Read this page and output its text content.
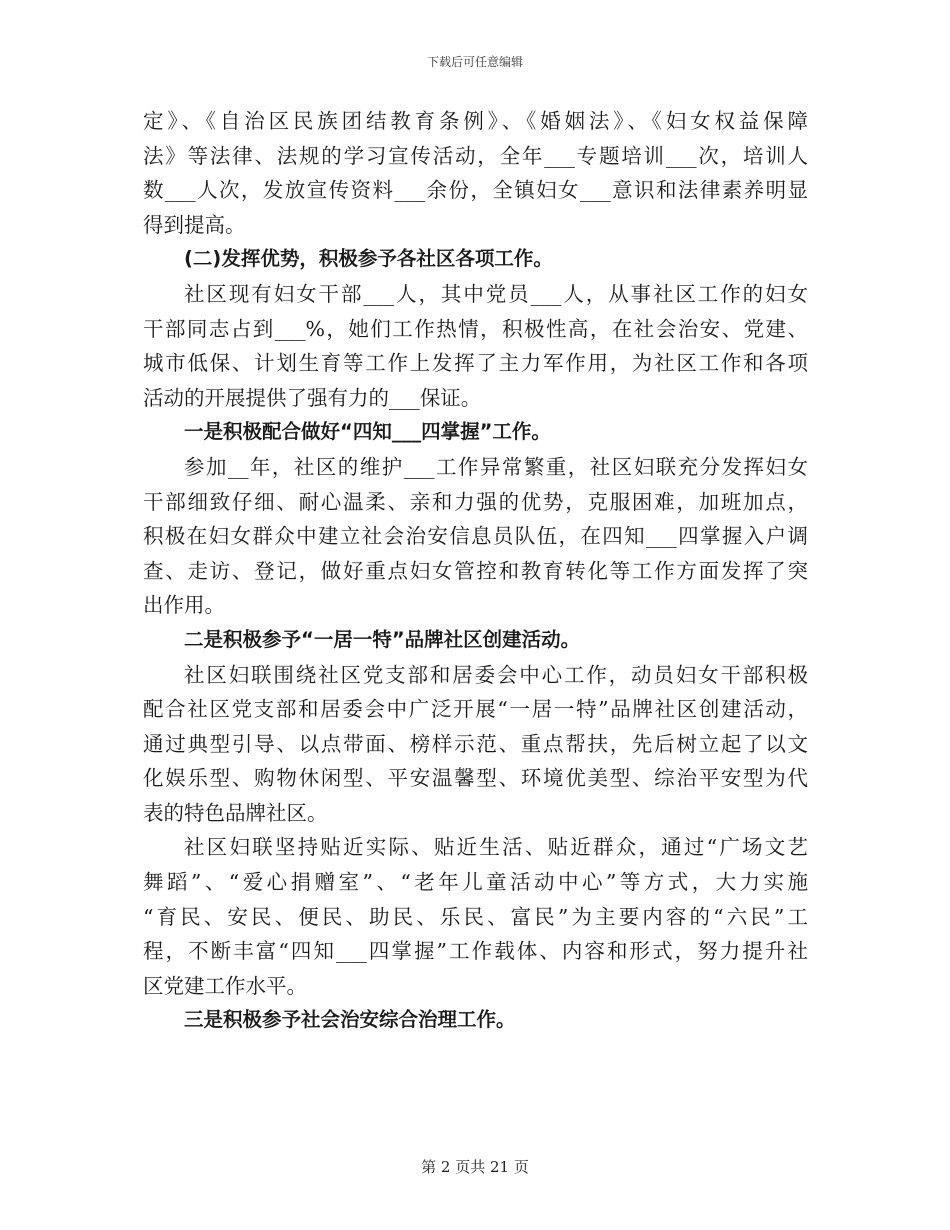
下载后可任意编辑
定》、《自治区民族团结教育条例》、《婚姻法》、《妇女权益保障
法》等法律、法规的学习宣传活动，全年___专题培训___次，培训人
数___人次，发放宣传资料___余份，全镇妇女___意识和法律素养明显
得到提高。
(二)发挥优势，积极参予各社区各项工作。
社区现有妇女干部___人，其中党员___人，从事社区工作的妇女
干部同志占到___%，她们工作热情，积极性高，在社会治安、党建、
城市低保、计划生育等工作上发挥了主力军作用，为社区工作和各项
活动的开展提供了强有力的___保证。
一是积极配合做好“四知___四掌握”工作。
参加__年，社区的维护___工作异常繁重，社区妇联充分发挥妇女
干部细致仔细、耐心温柔、亲和力强的优势，克服困难，加班加点，
积极在妇女群众中建立社会治安信息员队伍，在四知___四掌握入户调
查、走访、登记，做好重点妇女管控和教育转化等工作方面发挥了突
出作用。
二是积极参予“一居一特”品牌社区创建活动。
社区妇联围绕社区党支部和居委会中心工作，动员妇女干部积极
配合社区党支部和居委会中广泛开展“一居一特”品牌社区创建活动，
通过典型引导、以点带面、榜样示范、重点帮扶，先后树立起了以文
化娱乐型、购物休闲型、平安温馨型、环境优美型、综治平安型为代
表的特色品牌社区。
社区妇联坚持贴近实际、贴近生活、贴近群众，通过“广场文艺
舞蹈”、“爱心捐赠室”、“老年儿童活动中心”等方式，大力实施
“育民、安民、便民、助民、乐民、富民”为主要内容的“六民”工
程，不断丰富“四知___四掌握”工作载体、内容和形式，努力提升社
区党建工作水平。
三是积极参予社会治安综合治理工作。
第 2 页共 21 页
